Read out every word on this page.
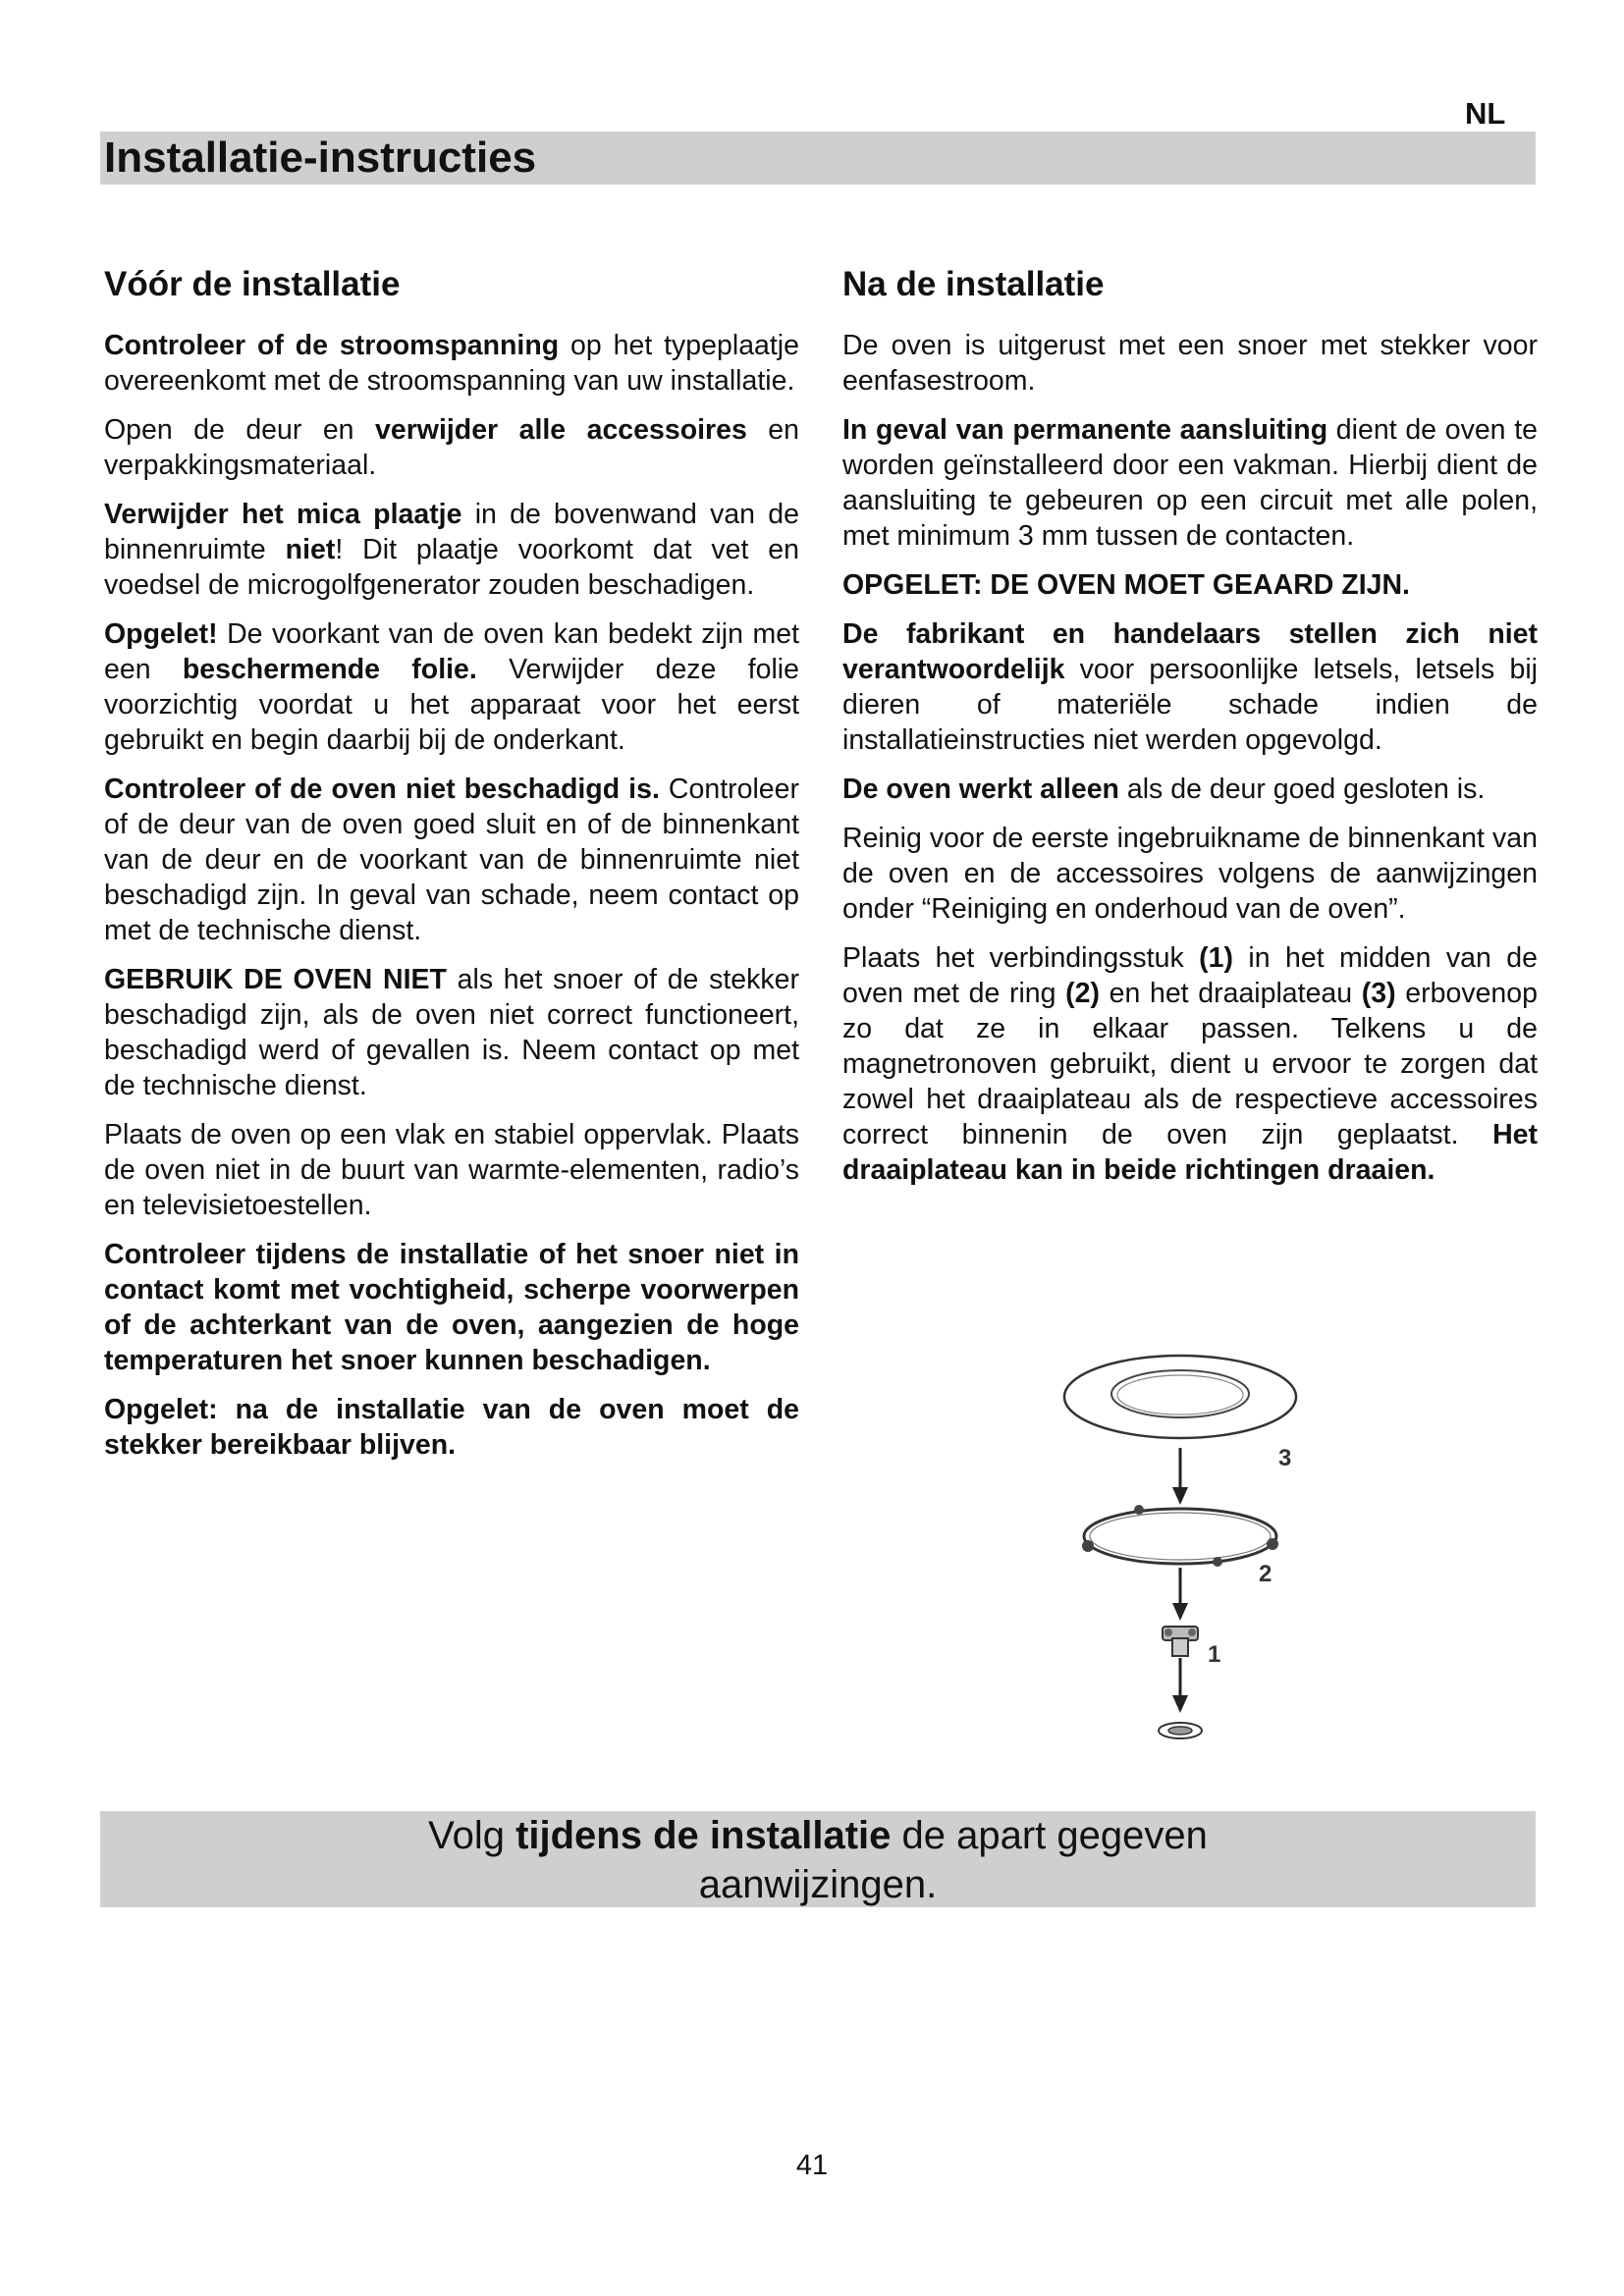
NL
Installatie-instructies
Vóór de installatie

Controleer of de stroomspanning op het typeplaatje overeenkomt met de stroomspanning van uw installatie.

Open de deur en verwijder alle accessoires en verpakkingsmateriaal.

Verwijder het mica plaatje in de bovenwand van de binnenruimte niet! Dit plaatje voorkomt dat vet en voedsel de microgolfgenerator zouden beschadigen.

Opgelet! De voorkant van de oven kan bedekt zijn met een beschermende folie. Verwijder deze folie voorzichtig voordat u het apparaat voor het eerst gebruikt en begin daarbij bij de onderkant.

Controleer of de oven niet beschadigd is. Controleer of de deur van de oven goed sluit en of de binnenkant van de deur en de voorkant van de binnenruimte niet beschadigd zijn. In geval van schade, neem contact op met de technische dienst.

GEBRUIK DE OVEN NIET als het snoer of de stekker beschadigd zijn, als de oven niet correct functioneert, beschadigd werd of gevallen is. Neem contact op met de technische dienst.

Plaats de oven op een vlak en stabiel oppervlak. Plaats de oven niet in de buurt van warmte-elementen, radio’s en televisietoestellen.

Controleer tijdens de installatie of het snoer niet in contact komt met vochtigheid, scherpe voorwerpen of de achterkant van de oven, aangezien de hoge temperaturen het snoer kunnen beschadigen.

Opgelet: na de installatie van de oven moet de stekker bereikbaar blijven.

Na de installatie

De oven is uitgerust met een snoer met stekker voor eenfasestroom.

In geval van permanente aansluiting dient de oven te worden geïnstalleerd door een vakman. Hierbij dient de aansluiting te gebeuren op een circuit met alle polen, met minimum 3 mm tussen de contacten.

OPGELET: DE OVEN MOET GEAARD ZIJN.

De fabrikant en handelaars stellen zich niet verantwoordelijk voor persoonlijke letsels, letsels bij dieren of materiële schade indien de installatieinstructies niet werden opgevolgd.

De oven werkt alleen als de deur goed gesloten is.

Reinig voor de eerste ingebruikname de binnenkant van de oven en de accessoires volgens de aanwijzingen onder “Reiniging en onderhoud van de oven”.

Plaats het verbindingsstuk (1) in het midden van de oven met de ring (2) en het draaiplateau (3) erbovenop zo dat ze in elkaar passen. Telkens u de magnetronoven gebruikt, dient u ervoor te zorgen dat zowel het draaiplateau als de respectieve accessoires correct binnenin de oven zijn geplaatst. Het draaiplateau kan in beide richtingen draaien.

3
2
1
Volg tijdens de installatie de apart gegeven
aanwijzingen.
41
